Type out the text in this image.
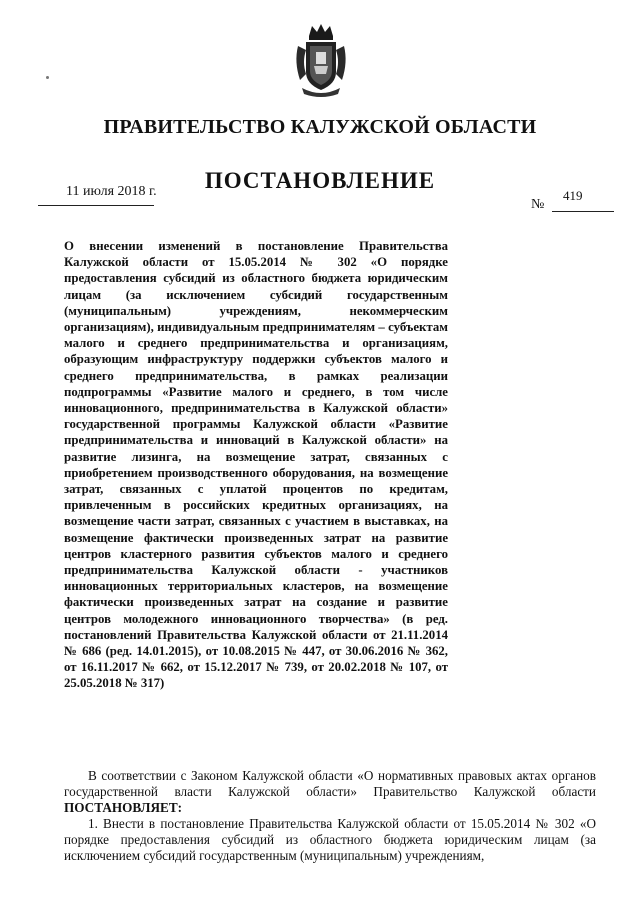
ПРАВИТЕЛЬСТВО КАЛУЖСКОЙ ОБЛАСТИ
ПОСТАНОВЛЕНИЕ
11 июля 2018 г.
№
419
О внесении изменений в постановление Правительства Калужской области от 15.05.2014 № 302 «О порядке предоставления субсидий из областного бюджета юридическим лицам (за исключением субсидий государственным (муниципальным) учреждениям, некоммерческим организациям), индивидуальным предпринимателям – субъектам малого и среднего предпринимательства и организациям, образующим инфраструктуру поддержки субъектов малого и среднего предпринимательства, в рамках реализации подпрограммы «Развитие малого и среднего, в том числе инновационного, предпринимательства в Калужской области» государственной программы Калужской области «Развитие предпринимательства и инноваций в Калужской области» на развитие лизинга, на возмещение затрат, связанных с приобретением производственного оборудования, на возмещение затрат, связанных с уплатой процентов по кредитам, привлеченным в российских кредитных организациях, на возмещение части затрат, связанных с участием в выставках, на возмещение фактически произведенных затрат на развитие центров кластерного развития субъектов малого и среднего предпринимательства Калужской области - участников инновационных территориальных кластеров, на возмещение фактически произведенных затрат на создание и развитие центров молодежного инновационного творчества» (в ред. постановлений Правительства Калужской области от 21.11.2014 № 686 (ред. 14.01.2015), от 10.08.2015 № 447, от 30.06.2016 № 362, от 16.11.2017 № 662, от 15.12.2017 № 739, от 20.02.2018 № 107, от 25.05.2018 № 317)
В соответствии с Законом Калужской области «О нормативных правовых актах органов государственной власти Калужской области» Правительство Калужской области ПОСТАНОВЛЯЕТ:
1. Внести в постановление Правительства Калужской области от 15.05.2014 № 302 «О порядке предоставления субсидий из областного бюджета юридическим лицам (за исключением субсидий государственным (муниципальным) учреждениям,
